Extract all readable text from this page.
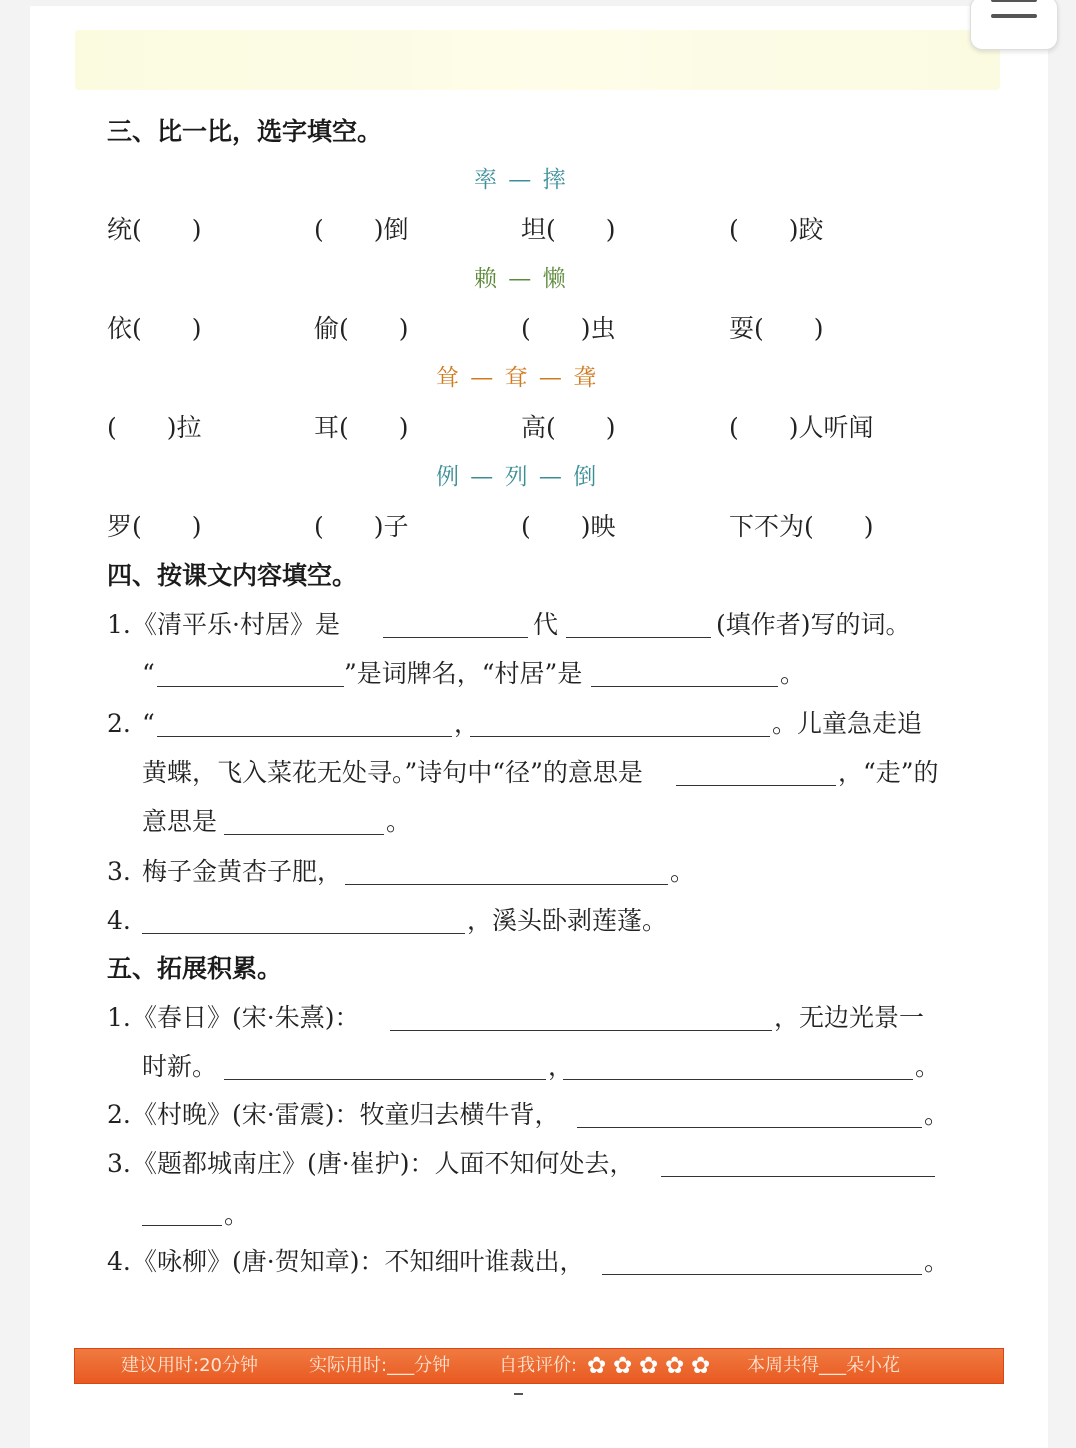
三、比一比，选字填空。
率 — 摔
统(　　)	(　　)倒	坦(　　)	(　　)跤
赖 — 懒
依(　　)	偷(　　)	(　　)虫	耍(　　)
耸 — 耷 — 聋
(　　)拉	耳(　　)	高(　　)	(　　)人听闻
例 — 列 — 倒
罗(　　)	(　　)子	(　　)映	下不为(　　)
四、按课文内容填空。
1. 《清平乐·村居》是	代	(填作者)写的词。
“	”是词牌名，“村居”是	。
2. “	，	。儿童急走追
黄蝶，飞入菜花无处寻。”诗句中“径”的意思是	，“走”的
意思是	。
3. 梅子金黄杏子肥，	。
4.	，溪头卧剥莲蓬。
五、拓展积累。
1. 《春日》(宋·朱熹)：	，无边光景一
时新。	，	。
2. 《村晚》(宋·雷震)：牧童归去横牛背，	。
3. 《题都城南庄》(唐·崔护)：人面不知何处去，
。
4. 《咏柳》(唐·贺知章)：不知细叶谁裁出，	。
建议用时:20分钟	实际用时:___分钟	自我评价: ✿ ✿ ✿ ✿ ✿ 本周共得___朵小花
